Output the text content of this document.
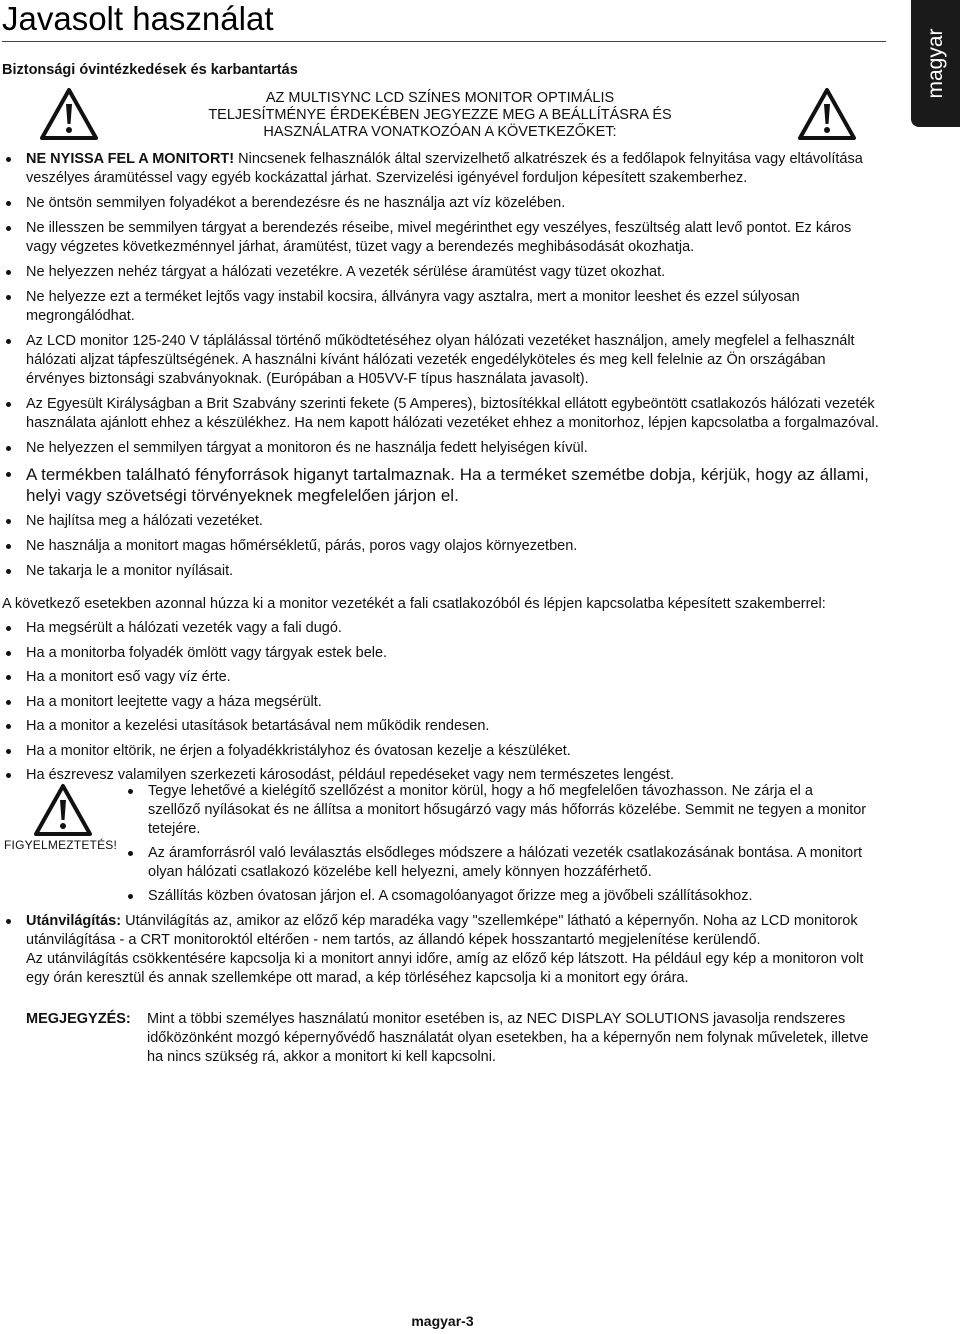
Javasolt használat
magyar
Biztonsági óvintézkedések és karbantartás
AZ MULTISYNC LCD SZÍNES MONITOR OPTIMÁLIS
TELJESÍTMÉNYE ÉRDEKÉBEN JEGYEZZE MEG A BEÁLLÍTÁSRA ÉS
HASZNÁLATRA VONATKOZÓAN A KÖVETKEZŐKET:
NE NYISSA FEL A MONITORT! Nincsenek felhasználók által szervizelhető alkatrészek és a fedőlapok felnyitása vagy eltávolítása veszélyes áramütéssel vagy egyéb kockázattal járhat. Szervizelési igényével forduljon képesített szakemberhez.
Ne öntsön semmilyen folyadékot a berendezésre és ne használja azt víz közelében.
Ne illesszen be semmilyen tárgyat a berendezés réseibe, mivel megérinthet egy veszélyes, feszültség alatt levő pontot. Ez káros vagy végzetes következménnyel járhat, áramütést, tüzet vagy a berendezés meghibásodását okozhatja.
Ne helyezzen nehéz tárgyat a hálózati vezetékre. A vezeték sérülése áramütést vagy tüzet okozhat.
Ne helyezze ezt a terméket lejtős vagy instabil kocsira, állványra vagy asztalra, mert a monitor leeshet és ezzel súlyosan megrongálódhat.
Az LCD monitor 125-240 V táplálással történő működtetéséhez olyan hálózati vezetéket használjon, amely megfelel a felhasznált hálózati aljzat tápfeszültségének. A használni kívánt hálózati vezeték engedélyköteles és meg kell felelnie az Ön országában érvényes biztonsági szabványoknak. (Európában a H05VV-F típus használata javasolt).
Az Egyesült Királyságban a Brit Szabvány szerinti fekete (5 Amperes), biztosítékkal ellátott egybeöntött csatlakozós hálózati vezeték használata ajánlott ehhez a készülékhez. Ha nem kapott hálózati vezetéket ehhez a monitorhoz, lépjen kapcsolatba a forgalmazóval.
Ne helyezzen el semmilyen tárgyat a monitoron és ne használja fedett helyiségen kívül.
A termékben található fényforrások higanyt tartalmaznak. Ha a terméket szemétbe dobja, kérjük, hogy az állami, helyi vagy szövetségi törvényeknek megfelelően járjon el.
Ne hajlítsa meg a hálózati vezetéket.
Ne használja a monitort magas hőmérsékletű, párás, poros vagy olajos környezetben.
Ne takarja le a monitor nyílásait.
A következő esetekben azonnal húzza ki a monitor vezetékét a fali csatlakozóból és lépjen kapcsolatba képesített szakemberrel:
Ha megsérült a hálózati vezeték vagy a fali dugó.
Ha a monitorba folyadék ömlött vagy tárgyak estek bele.
Ha a monitort eső vagy víz érte.
Ha a monitort leejtette vagy a háza megsérült.
Ha a monitor a kezelési utasítások betartásával nem működik rendesen.
Ha a monitor eltörik, ne érjen a folyadékkristályhoz és óvatosan kezelje a készüléket.
Ha észrevesz valamilyen szerkezeti károsodást, például repedéseket vagy nem természetes lengést.
FIGYELMEZTETÉS!
Tegye lehetővé a kielégítő szellőzést a monitor körül, hogy a hő megfelelően távozhasson. Ne zárja el a szellőző nyílásokat és ne állítsa a monitort hősugárzó vagy más hőforrás közelébe. Semmit ne tegyen a monitor tetejére.
Az áramforrásról való leválasztás elsődleges módszere a hálózati vezeték csatlakozásának bontása. A monitort olyan hálózati csatlakozó közelébe kell helyezni, amely könnyen hozzáférhető.
Szállítás közben óvatosan járjon el. A csomagolóanyagot őrizze meg a jövőbeli szállításokhoz.
Utánvilágítás: Utánvilágítás az, amikor az előző kép maradéka vagy "szellemképe" látható a képernyőn. Noha az LCD monitorok utánvilágítása - a CRT monitoroktól eltérően - nem tartós, az állandó képek hosszantartó megjelenítése kerülendő.
Az utánvilágítás csökkentésére kapcsolja ki a monitort annyi időre, amíg az előző kép látszott. Ha például egy kép a monitoron volt egy órán keresztül és annak szellemképe ott marad, a kép törléséhez kapcsolja ki a monitort egy órára.
MEGJEGYZÉS: Mint a többi személyes használatú monitor esetében is, az NEC DISPLAY SOLUTIONS javasolja rendszeres időközönként mozgó képernyővédő használatát olyan esetekben, ha a képernyőn nem folynak műveletek, illetve ha nincs szükség rá, akkor a monitort ki kell kapcsolni.
magyar-3
